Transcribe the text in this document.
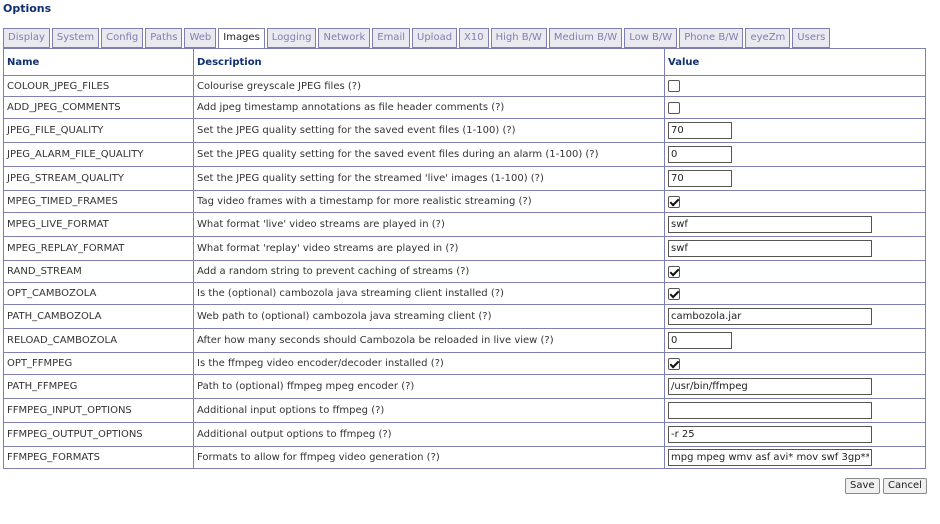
Options
Display	System	Config	Paths	Web	Images	Logging	Network	Email	Upload	X10	High B/W	Medium B/W	Low B/W	Phone B/W	eyeZm	Users
Name	Description	Value
COLOUR_JPEG_FILES	Colourise greyscale JPEG files (?)	
ADD_JPEG_COMMENTS	Add jpeg timestamp annotations as file header comments (?)	
JPEG_FILE_QUALITY	Set the JPEG quality setting for the saved event files (1-100) (?)	70
JPEG_ALARM_FILE_QUALITY	Set the JPEG quality setting for the saved event files during an alarm (1-100) (?)	0
JPEG_STREAM_QUALITY	Set the JPEG quality setting for the streamed 'live' images (1-100) (?)	70
MPEG_TIMED_FRAMES	Tag video frames with a timestamp for more realistic streaming (?)	
MPEG_LIVE_FORMAT	What format 'live' video streams are played in (?)	swf
MPEG_REPLAY_FORMAT	What format 'replay' video streams are played in (?)	swf
RAND_STREAM	Add a random string to prevent caching of streams (?)	
OPT_CAMBOZOLA	Is the (optional) cambozola java streaming client installed (?)	
PATH_CAMBOZOLA	Web path to (optional) cambozola java streaming client (?)	cambozola.jar
RELOAD_CAMBOZOLA	After how many seconds should Cambozola be reloaded in live view (?)	0
OPT_FFMPEG	Is the ffmpeg video encoder/decoder installed (?)	
PATH_FFMPEG	Path to (optional) ffmpeg mpeg encoder (?)	/usr/bin/ffmpeg
FFMPEG_INPUT_OPTIONS	Additional input options to ffmpeg (?)	
FFMPEG_OUTPUT_OPTIONS	Additional output options to ffmpeg (?)	-r 25
FFMPEG_FORMATS	Formats to allow for ffmpeg video generation (?)	mpg mpeg wmv asf avi* mov swf 3gp**
Save	Cancel
